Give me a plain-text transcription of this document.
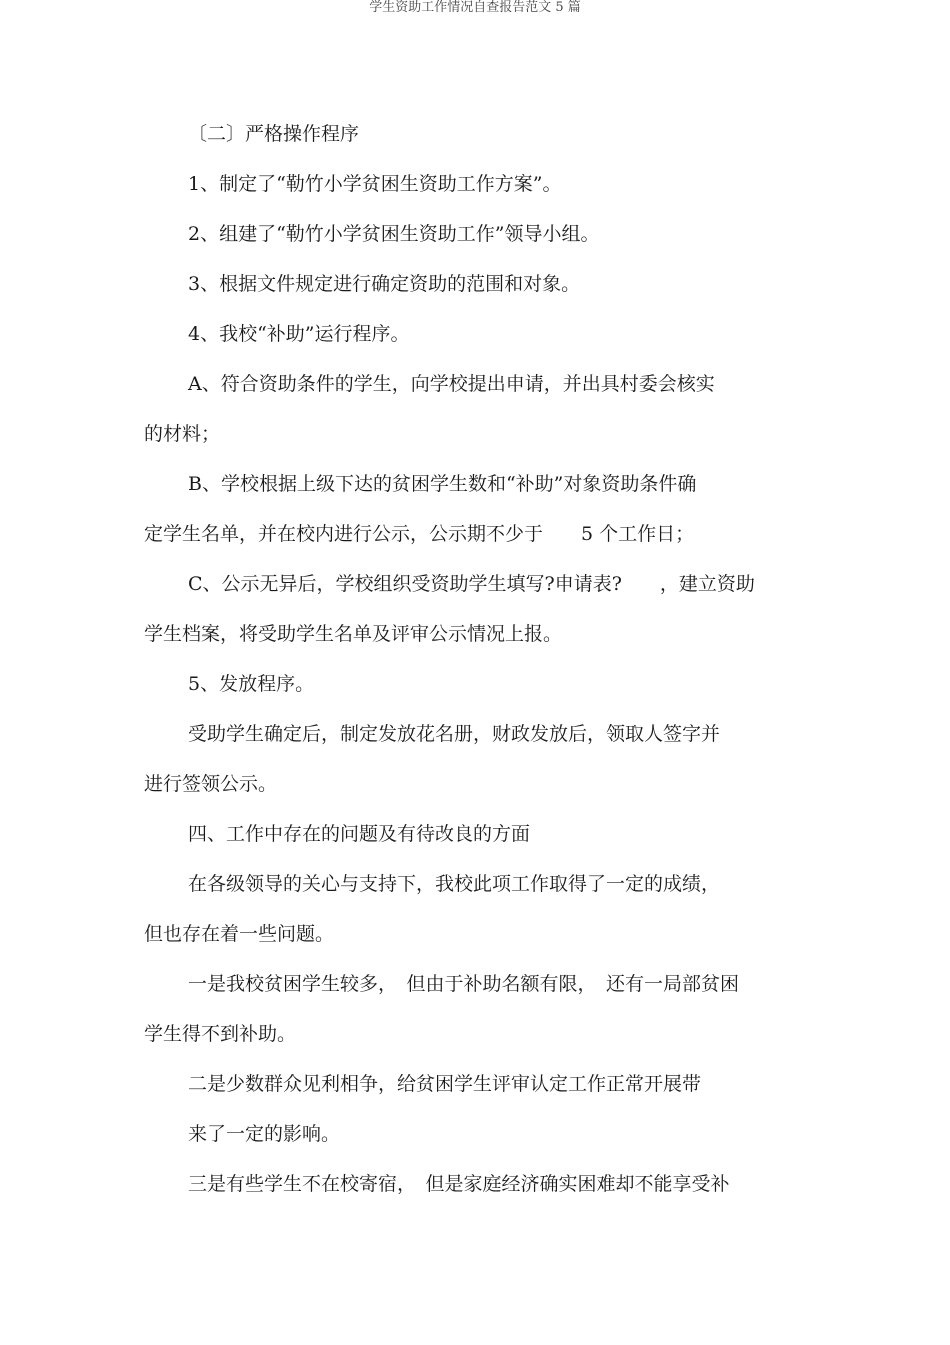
学生资助工作情况自查报告范文 5 篇
〔二〕严格操作程序
1、制定了“勒竹小学贫困生资助工作方案”。
2、组建了“勒竹小学贫困生资助工作”领导小组。
3、根据文件规定进行确定资助的范围和对象。
4、我校“补助”运行程序。
A、符合资助条件的学生，向学校提出申请，并出具村委会核实
的材料；
B、学校根据上级下达的贫困学生数和“补助”对象资助条件确
定学生名单，并在校内进行公示，公示期不少于　　5 个工作日；
C、公示无异后，学校组织受资助学生填写?申请表?　　，建立资助
学生档案，将受助学生名单及评审公示情况上报。
5、发放程序。
受助学生确定后，制定发放花名册，财政发放后，领取人签字并
进行签领公示。
四、工作中存在的问题及有待改良的方面
在各级领导的关心与支持下，我校此项工作取得了一定的成绩，
但也存在着一些问题。
一是我校贫困学生较多，　但由于补助名额有限，　还有一局部贫困
学生得不到补助。
二是少数群众见利相争，给贫困学生评审认定工作正常开展带
来了一定的影响。
三是有些学生不在校寄宿，　但是家庭经济确实困难却不能享受补
